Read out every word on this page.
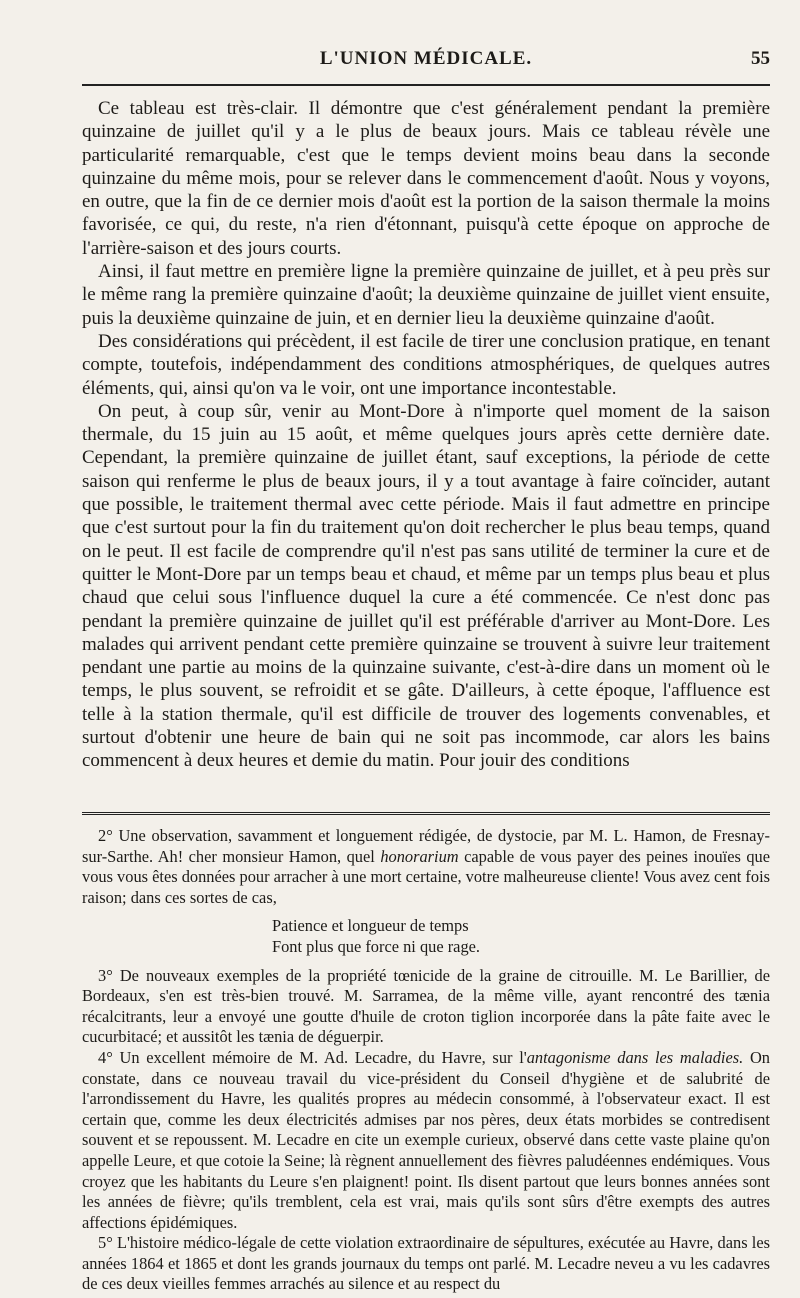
L'UNION MÉDICALE.	55

Ce tableau est très-clair. Il démontre que c'est généralement pendant la première quinzaine de juillet qu'il y a le plus de beaux jours. Mais ce tableau révèle une particularité remarquable, c'est que le temps devient moins beau dans la seconde quinzaine du même mois, pour se relever dans le commencement d'août. Nous y voyons, en outre, que la fin de ce dernier mois d'août est la portion de la saison thermale la moins favorisée, ce qui, du reste, n'a rien d'étonnant, puisqu'à cette époque on approche de l'arrière-saison et des jours courts.

Ainsi, il faut mettre en première ligne la première quinzaine de juillet, et à peu près sur le même rang la première quinzaine d'août; la deuxième quinzaine de juillet vient ensuite, puis la deuxième quinzaine de juin, et en dernier lieu la deuxième quinzaine d'août.

Des considérations qui précèdent, il est facile de tirer une conclusion pratique, en tenant compte, toutefois, indépendamment des conditions atmosphériques, de quelques autres éléments, qui, ainsi qu'on va le voir, ont une importance incontestable.

On peut, à coup sûr, venir au Mont-Dore à n'importe quel moment de la saison thermale, du 15 juin au 15 août, et même quelques jours après cette dernière date. Cependant, la première quinzaine de juillet étant, sauf exceptions, la période de cette saison qui renferme le plus de beaux jours, il y a tout avantage à faire coïncider, autant que possible, le traitement thermal avec cette période. Mais il faut admettre en principe que c'est surtout pour la fin du traitement qu'on doit rechercher le plus beau temps, quand on le peut. Il est facile de comprendre qu'il n'est pas sans utilité de terminer la cure et de quitter le Mont-Dore par un temps beau et chaud, et même par un temps plus beau et plus chaud que celui sous l'influence duquel la cure a été commencée. Ce n'est donc pas pendant la première quinzaine de juillet qu'il est préférable d'arriver au Mont-Dore. Les malades qui arrivent pendant cette première quinzaine se trouvent à suivre leur traitement pendant une partie au moins de la quinzaine suivante, c'est-à-dire dans un moment où le temps, le plus souvent, se refroidit et se gâte. D'ailleurs, à cette époque, l'affluence est telle à la station thermale, qu'il est difficile de trouver des logements convenables, et surtout d'obtenir une heure de bain qui ne soit pas incommode, car alors les bains commencent à deux heures et demie du matin. Pour jouir des conditions

2° Une observation, savamment et longuement rédigée, de dystocie, par M. L. Hamon, de Fresnay-sur-Sarthe. Ah! cher monsieur Hamon, quel honorarium capable de vous payer des peines inouïes que vous vous êtes données pour arracher à une mort certaine, votre malheureuse cliente! Vous avez cent fois raison; dans ces sortes de cas,

Patience et longueur de temps
Font plus que force ni que rage.

3° De nouveaux exemples de la propriété tœnicide de la graine de citrouille. M. Le Barillier, de Bordeaux, s'en est très-bien trouvé. M. Sarramea, de la même ville, ayant rencontré des tænia récalcitrants, leur a envoyé une goutte d'huile de croton tiglion incorporée dans la pâte faite avec le cucurbitacé; et aussitôt les tænia de déguerpir.

4° Un excellent mémoire de M. Ad. Lecadre, du Havre, sur l'antagonisme dans les maladies. On constate, dans ce nouveau travail du vice-président du Conseil d'hygiène et de salubrité de l'arrondissement du Havre, les qualités propres au médecin consommé, à l'observateur exact. Il est certain que, comme les deux électricités admises par nos pères, deux états morbides se contredisent souvent et se repoussent. M. Lecadre en cite un exemple curieux, observé dans cette vaste plaine qu'on appelle Leure, et que cotoie la Seine; là règnent annuellement des fièvres paludéennes endémiques. Vous croyez que les habitants du Leure s'en plaignent! point. Ils disent partout que leurs bonnes années sont les années de fièvre; qu'ils tremblent, cela est vrai, mais qu'ils sont sûrs d'être exempts des autres affections épidémiques.

5° L'histoire médico-légale de cette violation extraordinaire de sépultures, exécutée au Havre, dans les années 1864 et 1865 et dont les grands journaux du temps ont parlé. M. Lecadre neveu a vu les cadavres de ces deux vieilles femmes arrachés au silence et au respect du
